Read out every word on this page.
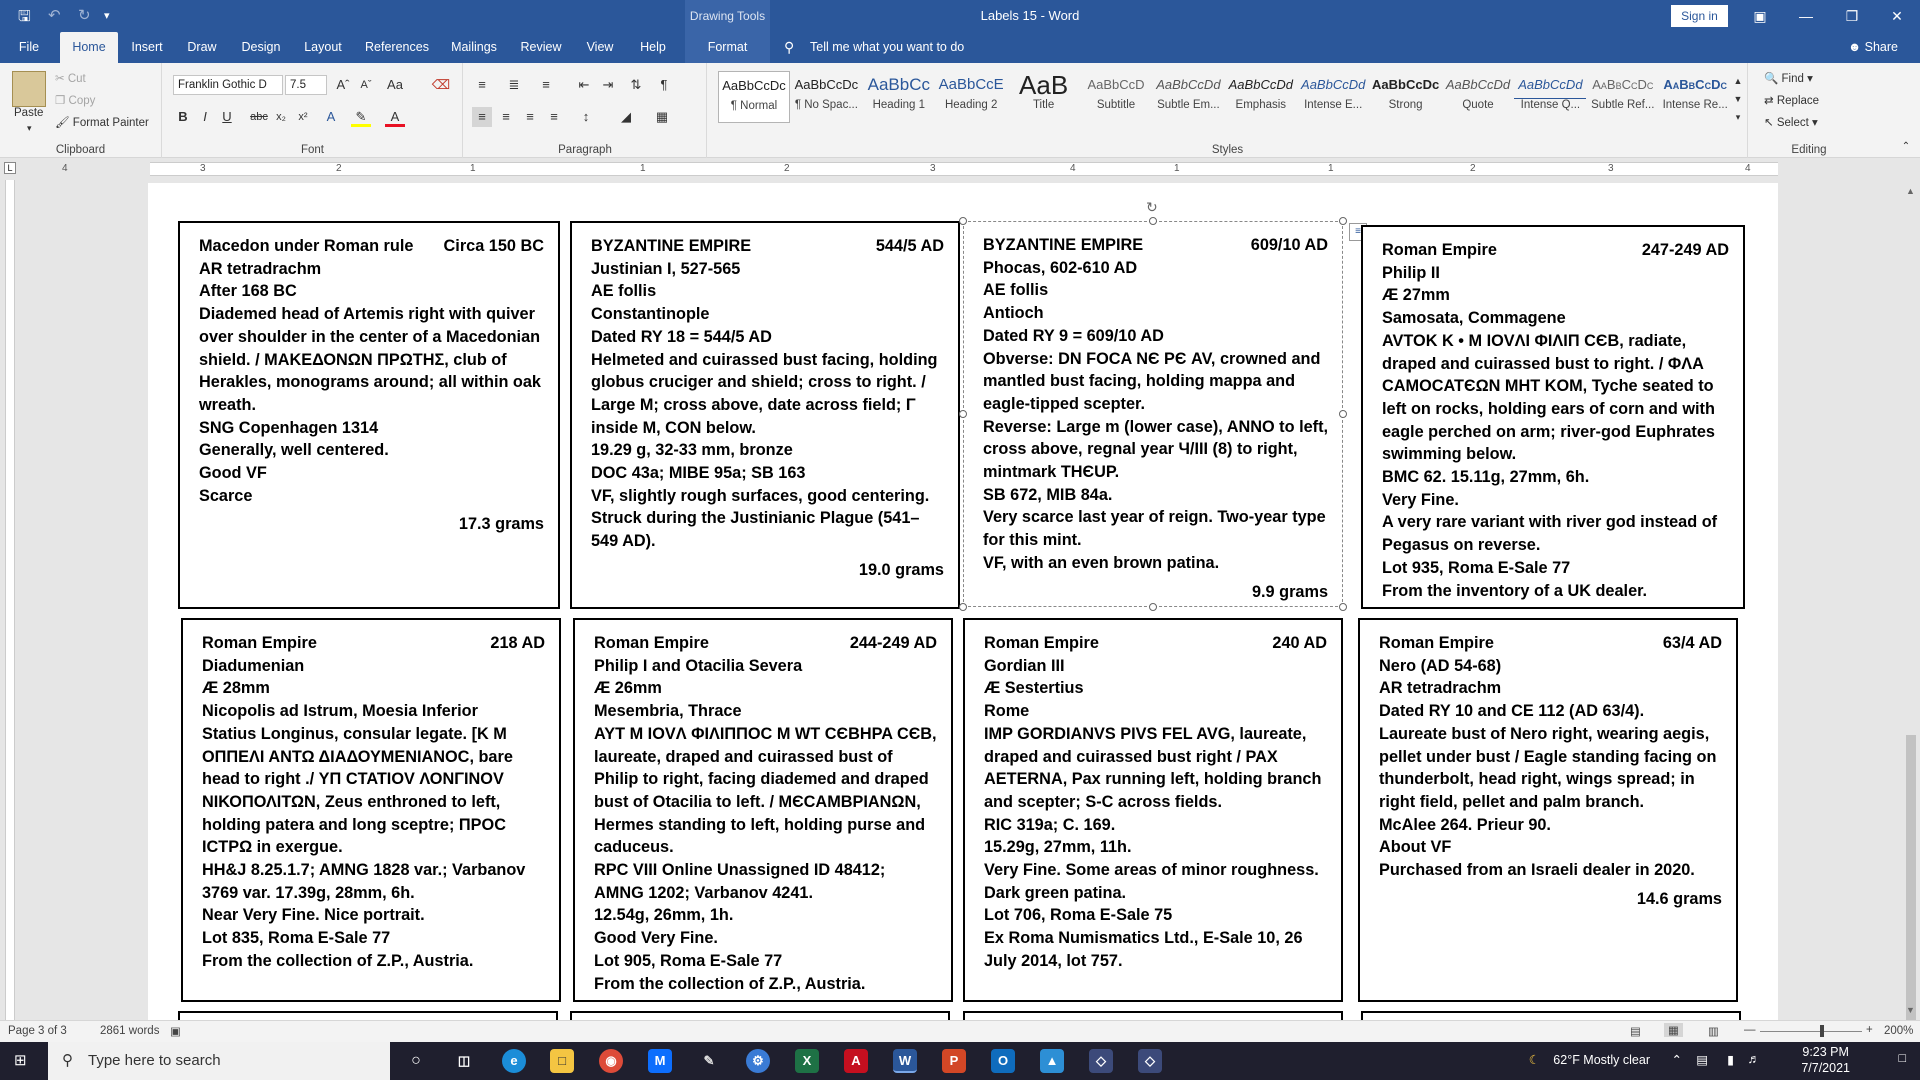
🖫 ↶ ↻ ▾	Drawing Tools	Labels 15 - Word	Sign in	▣	—	❐	✕
File	Home	Insert	Draw	Design	Layout	References	Mailings	Review	View	Help	Format	⚲ Tell me what you want to do	☻ Share
Paste
▾
✂ Cut
❐ Copy
🖌 Format Painter
Clipboard
Franklin Gothic D	7.5	Aˆ	Aˇ	Aa ⌫
B	I	U	abc x₂	x²	A	✎	A
Font
≡	≣	≡	⇤	⇥	⇅	¶
≡	≡	≡	≡	↕	◢	▦
Paragraph
AaBbCcDc
¶ Normal
AaBbCcDc
¶ No Spac...
AaBbCc
Heading 1
AaBbCcE
Heading 2
AaB
Title
AaBbCcD
Subtitle
AaBbCcDd
Subtle Em...
AaBbCcDd
Emphasis
AaBbCcDd
Intense E...
AaBbCcDc
Strong
AaBbCcDd
Quote
AaBbCcDd
Intense Q...
AaBbCcDc
Subtle Ref...
AaBbCcDc
Intense Re...
▲
▼
▾
Styles
🔍 Find ▾
⇄ Replace
↖ Select ▾
Editing	⌃
L	4	3	2	1	1	2	3	4	1	1	2	3	4
Macedon under Roman rule Circa 150 BC
AR tetradrachm
After 168 BC
Diademed head of Artemis right with quiver
over shoulder in the center of a Macedonian
shield. / ΜΑΚΕΔΟΝΩΝ ΠΡΩΤΗΣ, club of
Herakles, monograms around; all within oak
wreath.
SNG Copenhagen 1314
Generally, well centered.
Good VF
Scarce
17.3 grams
BYZANTINE EMPIRE	544/5 AD
Justinian I, 527-565
AE follis
Constantinople
Dated RY 18 = 544/5 AD
Helmeted and cuirassed bust facing, holding
globus cruciger and shield; cross to right. /
Large M; cross above, date across field; Γ
inside M, CON below.
19.29 g, 32-33 mm, bronze
DOC 43a; MIBE 95a; SB 163
VF, slightly rough surfaces, good centering.
Struck during the Justinianic Plague (541–
549 AD).
19.0 grams
BYZANTINE EMPIRE	609/10 AD
Phocas, 602-610 AD
AE follis
Antioch
Dated RY 9 = 609/10 AD
Obverse: DN FOCA NЄ PЄ AV, crowned and
mantled bust facing, holding mappa and
eagle-tipped scepter.
Reverse: Large m (lower case), ANNO to left,
cross above, regnal year Ч/III (8) to right,
mintmark THЄUP.
SB 672, MIB 84a.
Very scarce last year of reign. Two-year type
for this mint.
VF, with an even brown patina.
9.9 grams
↻
≡
Roman Empire	247-249 AD
Philip II
Æ 27mm
Samosata, Commagene
AVTOK K • M IOVΛI ΦIΛIΠ CЄB, radiate,
draped and cuirassed bust to right. / ΦΛΑ
CAMOCATЄΩN MHT KOM, Tyche seated to
left on rocks, holding ears of corn and with
eagle perched on arm; river-god Euphrates
swimming below.
BMC 62. 15.11g, 27mm, 6h.
Very Fine.
A very rare variant with river god instead of
Pegasus on reverse.
Lot 935, Roma E-Sale 77
From the inventory of a UK dealer.
Roman Empire	218 AD
Diadumenian
Æ 28mm
Nicopolis ad Istrum, Moesia Inferior
Statius Longinus, consular legate. [K M
ΟΠΠΕΛΙ ΑΝΤΩ ΔΙΑΔΟΥΜΕΝΙΑΝΟC, bare
head to right ./ ΥΠ CTATIOV ΛΟΝΓΙΝΟV
ΝΙΚΟΠΟΛΙΤΩΝ, Zeus enthroned to left,
holding patera and long sceptre; ΠΡΟC
ΙCΤΡΩ in exergue.
HH&J 8.25.1.7; AMNG 1828 var.; Varbanov
3769 var. 17.39g, 28mm, 6h.
Near Very Fine. Nice portrait.
Lot 835, Roma E-Sale 77
From the collection of Z.P., Austria.
Roman Empire	244-249 AD
Philip I and Otacilia Severa
Æ 26mm
Mesembria, Thrace
AYT M IOVΛ ΦIΛIΠΠOC M WT CЄBHPA CЄB,
laureate, draped and cuirassed bust of
Philip to right, facing diademed and draped
bust of Otacilia to left. / ΜЄCAMBPIANΩN,
Hermes standing to left, holding purse and
caduceus.
RPC VIII Online Unassigned ID 48412;
AMNG 1202; Varbanov 4241.
12.54g, 26mm, 1h.
Good Very Fine.
Lot 905, Roma E-Sale 77
From the collection of Z.P., Austria.
Roman Empire	240 AD
Gordian III
Æ Sestertius
Rome
IMP GORDIANVS PIVS FEL AVG, laureate,
draped and cuirassed bust right / PAX
AETERNA, Pax running left, holding branch
and scepter; S-C across fields.
RIC 319a; C. 169.
15.29g, 27mm, 11h.
Very Fine. Some areas of minor roughness.
Dark green patina.
Lot 706, Roma E-Sale 75
Ex Roma Numismatics Ltd., E-Sale 10, 26
July 2014, lot 757.
Roman Empire	63/4 AD
Nero (AD 54-68)
AR tetradrachm
Dated RY 10 and CE 112 (AD 63/4).
Laureate bust of Nero right, wearing aegis,
pellet under bust / Eagle standing facing on
thunderbolt, head right, wings spread; in
right field, pellet and palm branch.
McAlee 264. Prieur 90.
About VF
Purchased from an Israeli dealer in 2020.
14.6 grams
▲
▼
Page 3 of 3	2861 words ▣	▤	▦	▥ —	+ 200%
⊞ ⚲ Type here to search	○	◫	e	□	◉	M	✎	⚙	X	A	W	P	O	▲	◇	◇	☾ 62°F Mostly clear ⌃ ▤ ▮ ♬	9:23 PM
7/7/2021
□
